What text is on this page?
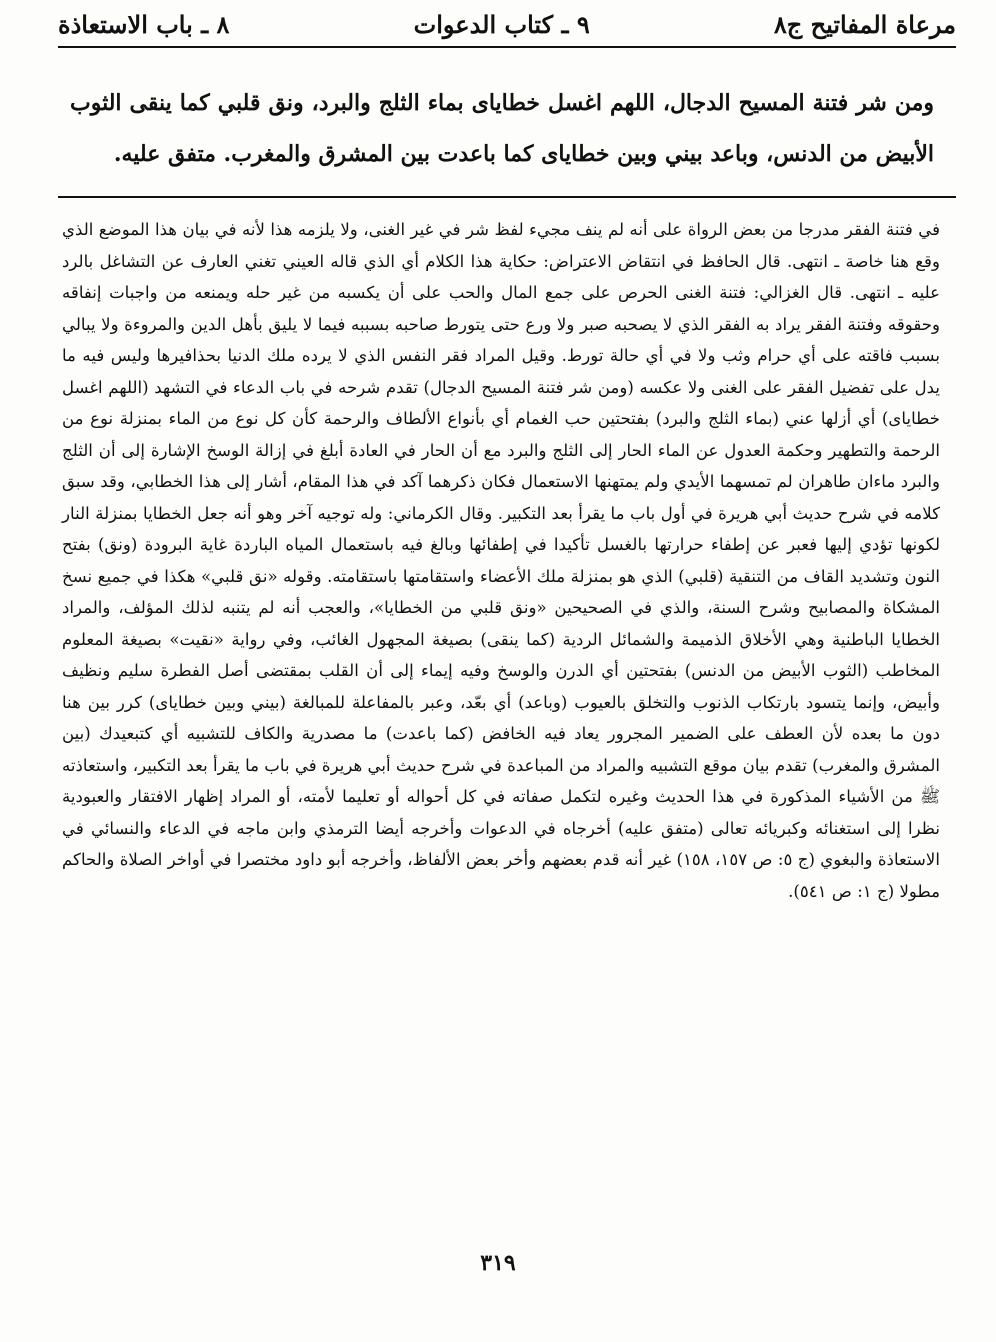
مرعاة المفاتيح ج٨
٩ ـ كتاب الدعوات
٨ ـ باب الاستعاذة
ومن شر فتنة المسيح الدجال، اللهم اغسل خطاياى بماء الثلج والبرد، ونق قلبي كما ينقى الثوب الأبيض من الدنس، وباعد بيني وبين خطاياى كما باعدت بين المشرق والمغرب. متفق عليه.
في فتنة الفقر مدرجا من بعض الرواة على أنه لم ينف مجيء لفظ شر في غير الغنى، ولا يلزمه هذا لأنه في بيان هذا الموضع الذي وقع هنا خاصة ـ انتهى. قال الحافظ في انتقاض الاعتراض: حكاية هذا الكلام أي الذي قاله العيني تغني العارف عن التشاغل بالرد عليه ـ انتهى. قال الغزالي: فتنة الغنى الحرص على جمع المال والحب على أن يكسبه من غير حله ويمنعه من واجبات إنفاقه وحقوقه وفتنة الفقر يراد به الفقر الذي لا يصحبه صبر ولا ورع حتى يتورط صاحبه بسببه فيما لا يليق بأهل الدين والمروءة ولا يبالي بسبب فاقته على أي حرام وثب ولا في أي حالة تورط. وقيل المراد فقر النفس الذي لا يرده ملك الدنيا بحذافيرها وليس فيه ما يدل على تفضيل الفقر على الغنى ولا عكسه (ومن شر فتنة المسيح الدجال) تقدم شرحه في باب الدعاء في التشهد (اللهم اغسل خطاياى) أي أزلها عني (بماء الثلج والبرد) بفتحتين حب الغمام أي بأنواع الألطاف والرحمة كأن كل نوع من الماء بمنزلة نوع من الرحمة والتطهير وحكمة العدول عن الماء الحار إلى الثلج والبرد مع أن الحار في العادة أبلغ في إزالة الوسخ الإشارة إلى أن الثلج والبرد ماءان طاهران لم تمسهما الأيدي ولم يمتهنها الاستعمال فكان ذكرهما آكد في هذا المقام، أشار إلى هذا الخطابي، وقد سبق كلامه في شرح حديث أبي هريرة في أول باب ما يقرأ بعد التكبير. وقال الكرماني: وله توجيه آخر وهو أنه جعل الخطايا بمنزلة النار لكونها تؤدي إليها فعبر عن إطفاء حرارتها بالغسل تأكيدا في إطفائها وبالغ فيه باستعمال المياه الباردة غاية البرودة (ونق) بفتح النون وتشديد القاف من التنقية (قلبي) الذي هو بمنزلة ملك الأعضاء واستقامتها باستقامته. وقوله «نق قلبي» هكذا في جميع نسخ المشكاة والمصابيح وشرح السنة، والذي في الصحيحين «ونق قلبي من الخطايا»، والعجب أنه لم يتنبه لذلك المؤلف، والمراد الخطايا الباطنية وهي الأخلاق الذميمة والشمائل الردية (كما ينقى) بصيغة المجهول الغائب، وفي رواية «نقيت» بصيغة المعلوم المخاطب (الثوب الأبيض من الدنس) بفتحتين أي الدرن والوسخ وفيه إيماء إلى أن القلب بمقتضى أصل الفطرة سليم ونظيف وأبيض، وإنما يتسود بارتكاب الذنوب والتخلق بالعيوب (وباعد) أي بعّد، وعبر بالمفاعلة للمبالغة (بيني وبين خطاياى) كرر بين هنا دون ما بعده لأن العطف على الضمير المجرور يعاد فيه الخافض (كما باعدت) ما مصدرية والكاف للتشبيه أي كتبعيدك (بين المشرق والمغرب) تقدم بيان موقع التشبيه والمراد من المباعدة في شرح حديث أبي هريرة في باب ما يقرأ بعد التكبير، واستعاذته ﷺ من الأشياء المذكورة في هذا الحديث وغيره لتكمل صفاته في كل أحواله أو تعليما لأمته، أو المراد إظهار الافتقار والعبودية نظرا إلى استغنائه وكبريائه تعالى (متفق عليه) أخرجاه في الدعوات وأخرجه أيضا الترمذي وابن ماجه في الدعاء والنسائي في الاستعاذة والبغوي (ج ٥: ص ١٥٧، ١٥٨) غير أنه قدم بعضهم وأخر بعض الألفاظ، وأخرجه أبو داود مختصرا في أواخر الصلاة والحاكم مطولا (ج ١: ص ٥٤١).
٣١٩
